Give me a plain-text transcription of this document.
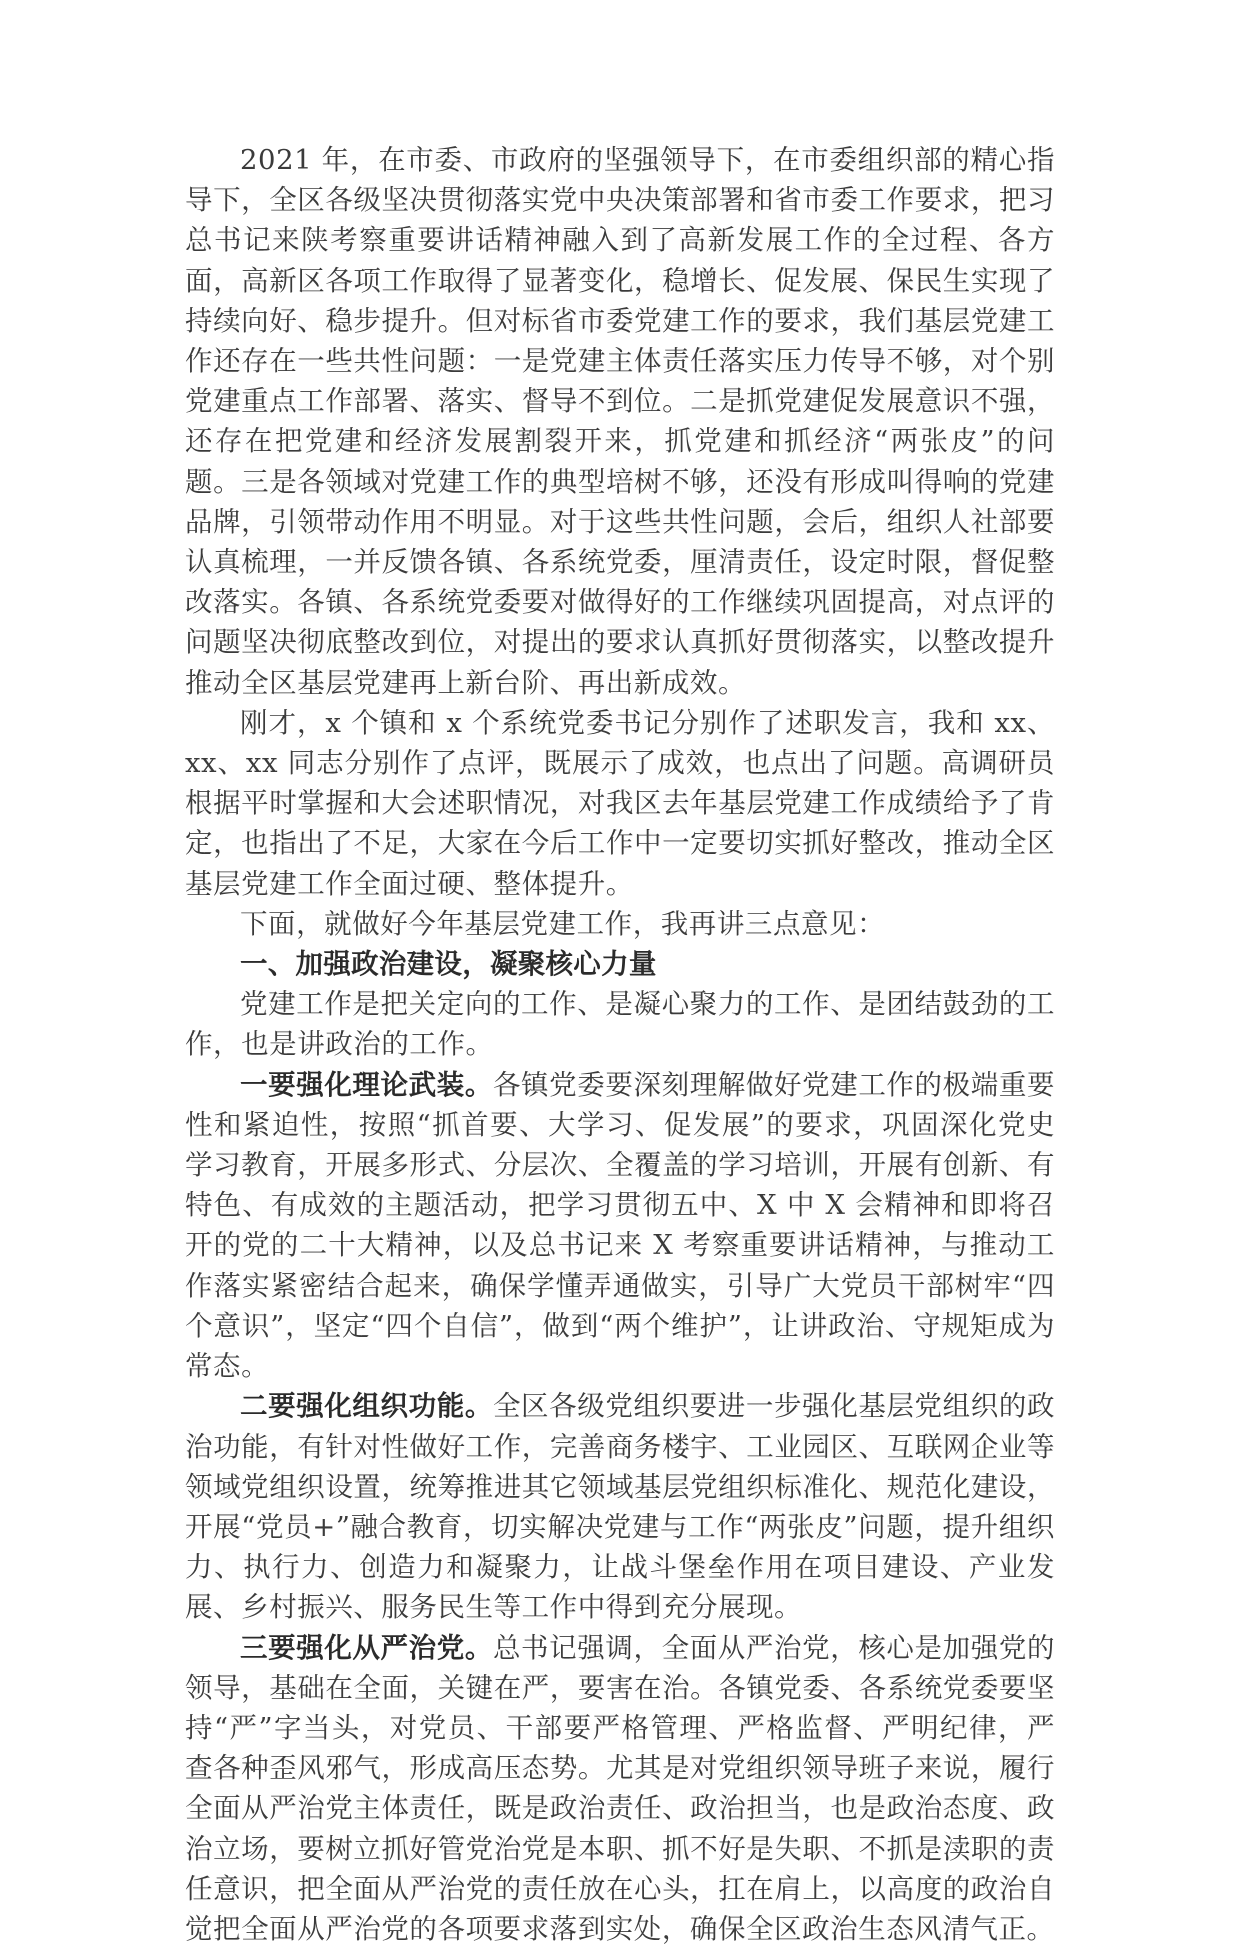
2021 年，在市委、市政府的坚强领导下，在市委组织部的精心指导下，全区各级坚决贯彻落实党中央决策部署和省市委工作要求，把习总书记来陕考察重要讲话精神融入到了高新发展工作的全过程、各方面，高新区各项工作取得了显著变化，稳增长、促发展、保民生实现了持续向好、稳步提升。但对标省市委党建工作的要求，我们基层党建工作还存在一些共性问题：一是党建主体责任落实压力传导不够，对个别党建重点工作部署、落实、督导不到位。二是抓党建促发展意识不强，还存在把党建和经济发展割裂开来，抓党建和抓经济“两张皮”的问题。三是各领域对党建工作的典型培树不够，还没有形成叫得响的党建品牌，引领带动作用不明显。对于这些共性问题，会后，组织人社部要认真梳理，一并反馈各镇、各系统党委，厘清责任，设定时限，督促整改落实。各镇、各系统党委要对做得好的工作继续巩固提高，对点评的问题坚决彻底整改到位，对提出的要求认真抓好贯彻落实，以整改提升推动全区基层党建再上新台阶、再出新成效。

刚才，x 个镇和 x 个系统党委书记分别作了述职发言，我和 xx、xx、xx 同志分别作了点评，既展示了成效，也点出了问题。高调研员根据平时掌握和大会述职情况，对我区去年基层党建工作成绩给予了肯定，也指出了不足，大家在今后工作中一定要切实抓好整改，推动全区基层党建工作全面过硬、整体提升。

下面，就做好今年基层党建工作，我再讲三点意见：

一、加强政治建设，凝聚核心力量

党建工作是把关定向的工作、是凝心聚力的工作、是团结鼓劲的工作，也是讲政治的工作。

一要强化理论武装。各镇党委要深刻理解做好党建工作的极端重要性和紧迫性，按照“抓首要、大学习、促发展”的要求，巩固深化党史学习教育，开展多形式、分层次、全覆盖的学习培训，开展有创新、有特色、有成效的主题活动，把学习贯彻五中、X 中 X 会精神和即将召开的党的二十大精神，以及总书记来 X 考察重要讲话精神，与推动工作落实紧密结合起来，确保学懂弄通做实，引导广大党员干部树牢“四个意识”，坚定“四个自信”，做到“两个维护”，让讲政治、守规矩成为常态。

二要强化组织功能。全区各级党组织要进一步强化基层党组织的政治功能，有针对性做好工作，完善商务楼宇、工业园区、互联网企业等领域党组织设置，统筹推进其它领域基层党组织标准化、规范化建设，开展“党员+”融合教育，切实解决党建与工作“两张皮”问题，提升组织力、执行力、创造力和凝聚力，让战斗堡垒作用在项目建设、产业发展、乡村振兴、服务民生等工作中得到充分展现。

三要强化从严治党。总书记强调，全面从严治党，核心是加强党的领导，基础在全面，关键在严，要害在治。各镇党委、各系统党委要坚持“严”字当头，对党员、干部要严格管理、严格监督、严明纪律，严查各种歪风邪气，形成高压态势。尤其是对党组织领导班子来说，履行全面从严治党主体责任，既是政治责任、政治担当，也是政治态度、政治立场，要树立抓好管党治党是本职、抓不好是失职、不抓是渎职的责任意识，把全面从严治党的责任放在心头，扛在肩上，以高度的政治自觉把全面从严治党的各项要求落到实处，确保全区政治生态风清气正。
